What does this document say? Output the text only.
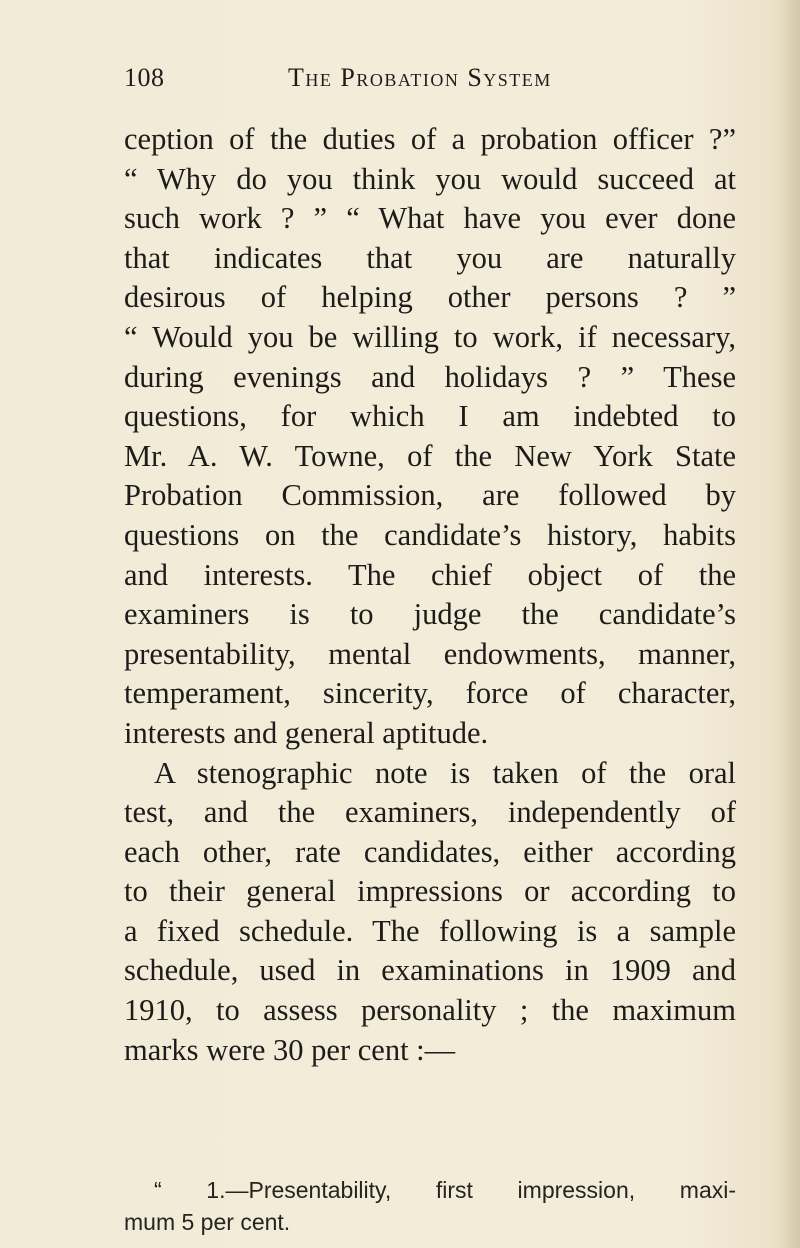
108	The Probation System
ception of the duties of a probation officer ?”
“ Why do you think you would succeed at
such work ? ” “ What have you ever done
that indicates that you are naturally
desirous of helping other persons ? ”
“ Would you be willing to work, if necessary,
during evenings and holidays ? ” These
questions, for which I am indebted to
Mr. A. W. Towne, of the New York State
Probation Commission, are followed by
questions on the candidate’s history, habits
and interests. The chief object of the
examiners is to judge the candidate’s
presentability, mental endowments, manner,
temperament, sincerity, force of character,
interests and general aptitude.
A stenographic note is taken of the oral
test, and the examiners, independently of
each other, rate candidates, either according
to their general impressions or according to
a fixed schedule. The following is a sample
schedule, used in examinations in 1909 and
1910, to assess personality ; the maximum
marks were 30 per cent :—
“ 1.—Presentability, first impression, maxi-
mum 5 per cent.
